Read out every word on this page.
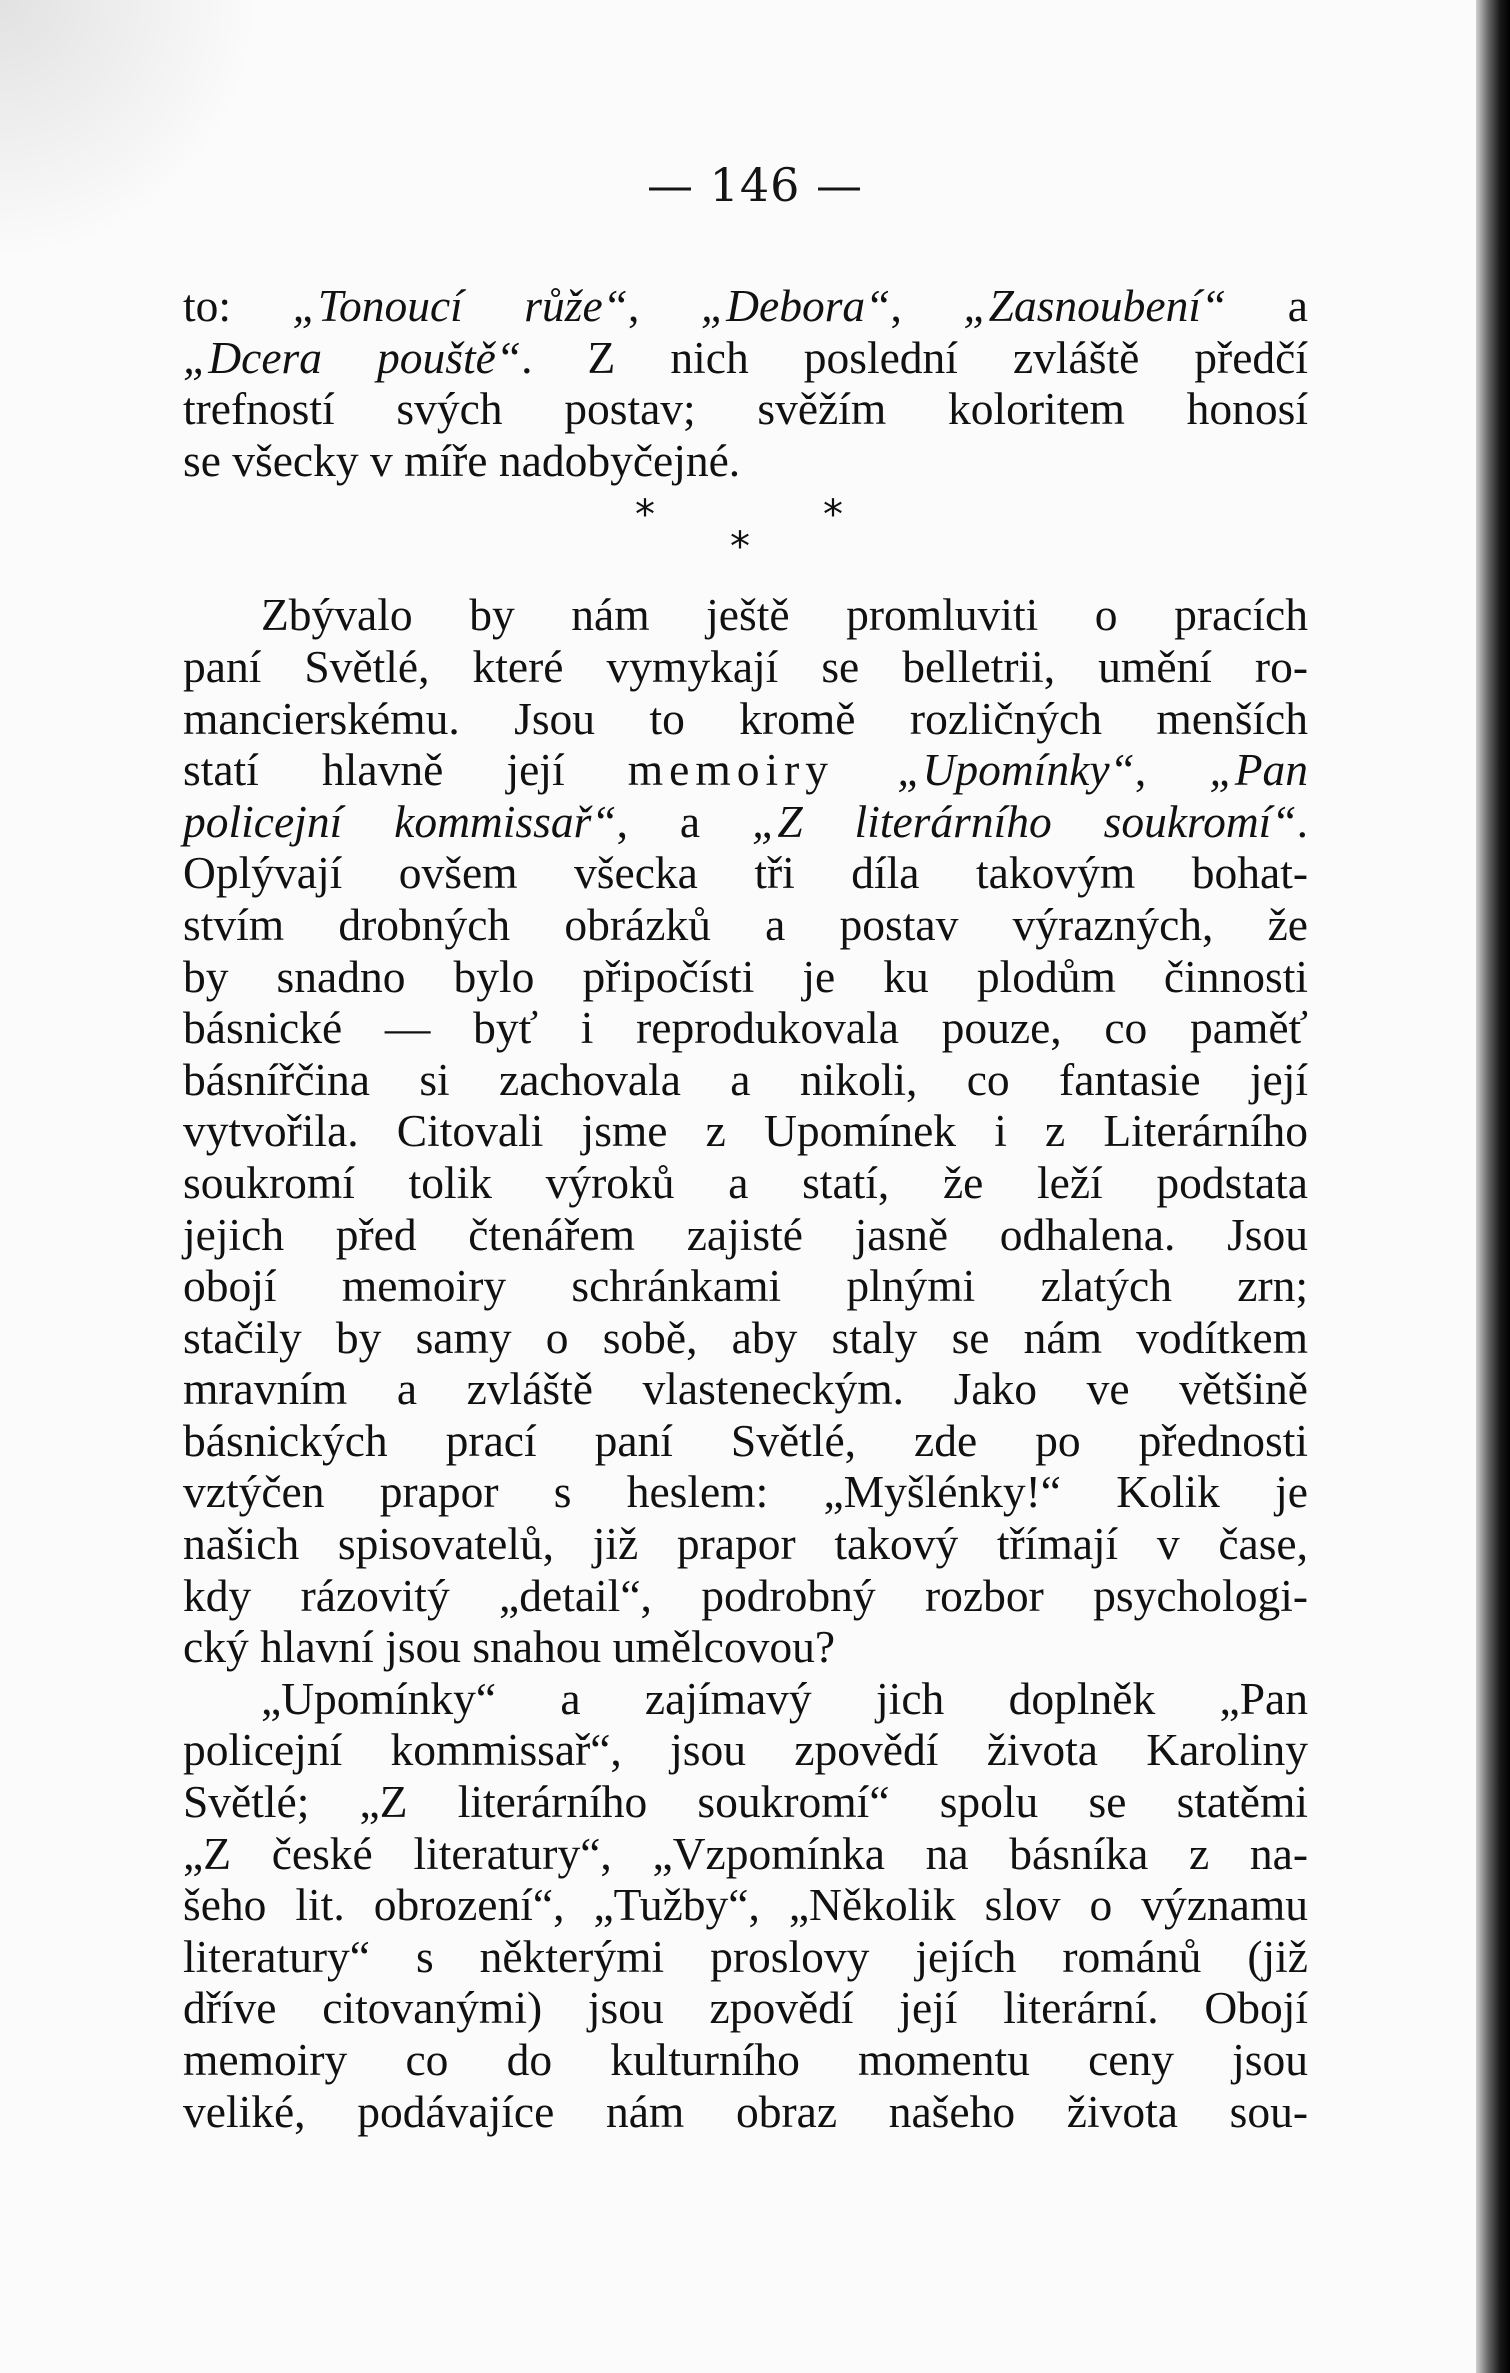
— 146 —
to: „Tonoucí růže“, „Debora“, „Zasnoubení“ a
„Dcera pouště“. Z nich poslední zvláště předčí
trefností svých postav; svěžím koloritem honosí
se všecky v míře nadobyčejné.
*	*
*
Zbývalo by nám ještě promluviti o pracích
paní Světlé, které vymykají se belletrii, umění ro-
mancierskému. Jsou to kromě rozličných menších
statí hlavně její memoiry „Upomínky“, „Pan
policejní kommissař“, a „Z literárního soukromí“.
Oplývají ovšem všecka tři díla takovým bohat-
stvím drobných obrázků a postav výrazných, že
by snadno bylo připočísti je ku plodům činnosti
básnické — byť i reprodukovala pouze, co paměť
básnířčina si zachovala a nikoli, co fantasie její
vytvořila. Citovali jsme z Upomínek i z Literárního
soukromí tolik výroků a statí, že leží podstata
jejich před čtenářem zajisté jasně odhalena. Jsou
obojí memoiry schránkami plnými zlatých zrn;
stačily by samy o sobě, aby staly se nám vodítkem
mravním a zvláště vlasteneckým. Jako ve většině
básnických prací paní Světlé, zde po přednosti
vztýčen prapor s heslem: „Myšlénky!“ Kolik je
našich spisovatelů, již prapor takový třímají v čase,
kdy rázovitý „detail“, podrobný rozbor psychologi-
cký hlavní jsou snahou umělcovou?
„Upomínky“ a zajímavý jich doplněk „Pan
policejní kommissař“, jsou zpovědí života Karoliny
Světlé; „Z literárního soukromí“ spolu se statěmi
„Z české literatury“, „Vzpomínka na básníka z na-
šeho lit. obrození“, „Tužby“, „Několik slov o významu
literatury“ s některými proslovy jejích románů (již
dříve citovanými) jsou zpovědí její literární. Obojí
memoiry co do kulturního momentu ceny jsou
veliké, podávajíce nám obraz našeho života sou-
